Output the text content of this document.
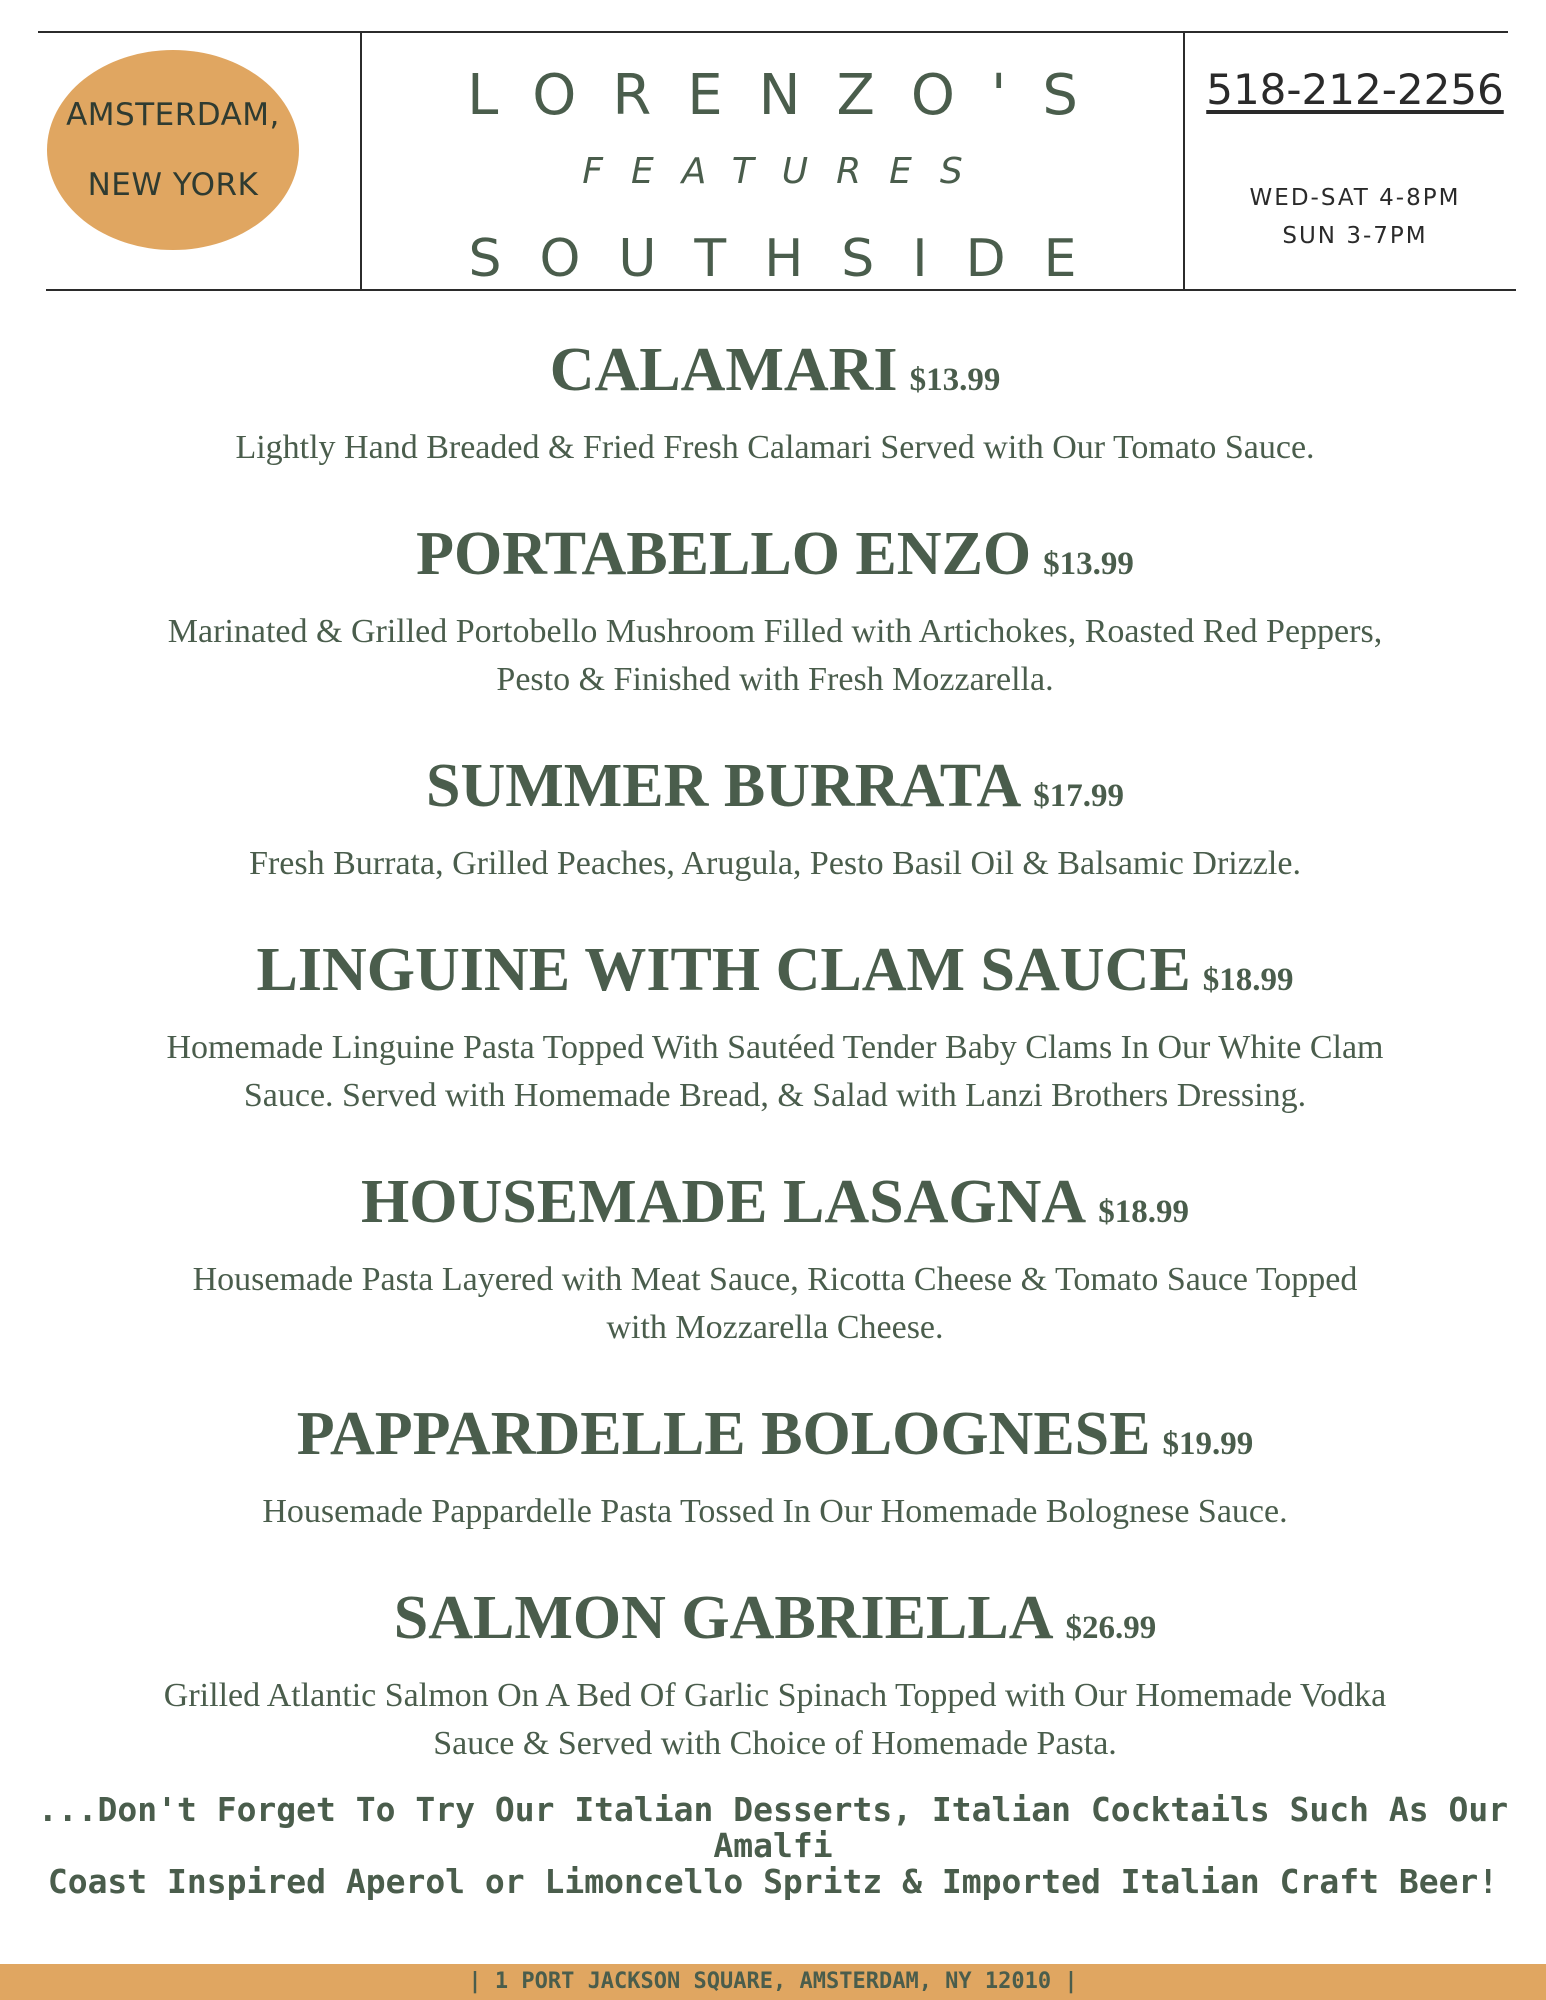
AMSTERDAM,
NEW YORK
LORENZO'S
FEATURES
SOUTHSIDE
518-212-2256
WED-SAT 4-8PM
SUN 3-7PM
CALAMARI $13.99
Lightly Hand Breaded & Fried Fresh Calamari Served with Our Tomato Sauce.
PORTABELLO ENZO $13.99
Marinated & Grilled Portobello Mushroom Filled with Artichokes, Roasted Red Peppers, Pesto & Finished with Fresh Mozzarella.
SUMMER BURRATA $17.99
Fresh Burrata, Grilled Peaches, Arugula, Pesto Basil Oil & Balsamic Drizzle.
LINGUINE WITH CLAM SAUCE $18.99
Homemade Linguine Pasta Topped With Sautéed Tender Baby Clams In Our White Clam Sauce. Served with Homemade Bread, & Salad with Lanzi Brothers Dressing.
HOUSEMADE LASAGNA $18.99
Housemade Pasta Layered with Meat Sauce, Ricotta Cheese & Tomato Sauce Topped with Mozzarella Cheese.
PAPPARDELLE BOLOGNESE $19.99
Housemade Pappardelle Pasta Tossed In Our Homemade Bolognese Sauce.
SALMON GABRIELLA $26.99
Grilled Atlantic Salmon On A Bed Of Garlic Spinach Topped with Our Homemade Vodka Sauce & Served with Choice of Homemade Pasta.
...Don't Forget To Try Our Italian Desserts, Italian Cocktails Such As Our Amalfi
Coast Inspired Aperol or Limoncello Spritz & Imported Italian Craft Beer!
| 1 PORT JACKSON SQUARE, AMSTERDAM, NY 12010 |
